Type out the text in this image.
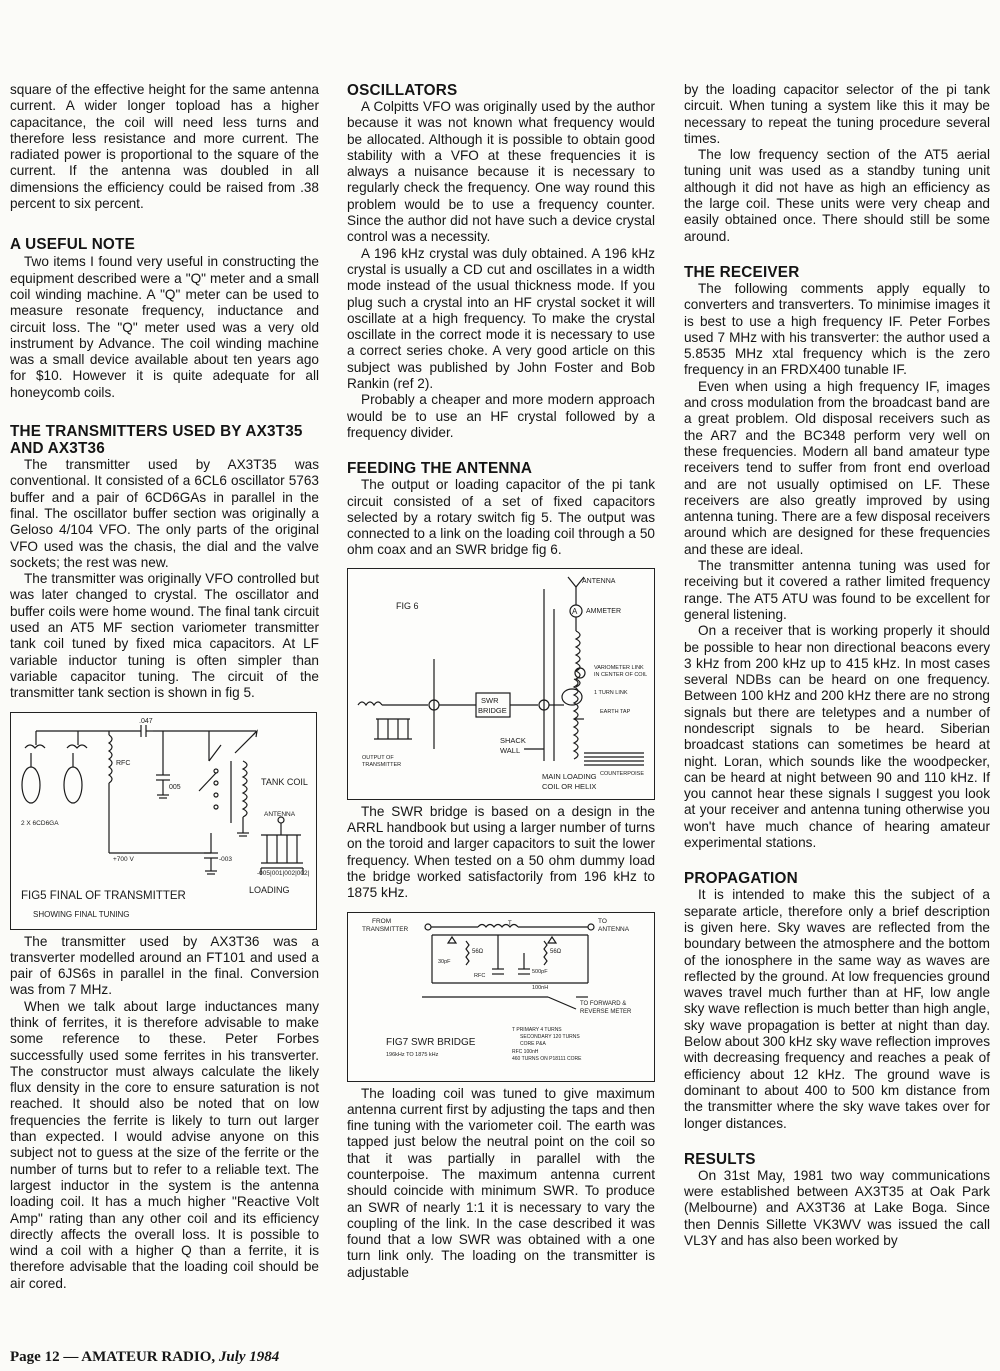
square of the effective height for the same antenna current. A wider longer topload has a higher capacitance, the coil will need less turns and therefore less resistance and more current. The radiated power is proportional to the square of the current. If the antenna was doubled in all dimensions the efficiency could be raised from .38 percent to six percent.

A USEFUL NOTE

Two items I found very useful in constructing the equipment described were a "Q" meter and a small coil winding machine. A "Q" meter can be used to measure resonate frequency, inductance and circuit loss. The "Q" meter used was a very old instrument by Advance. The coil winding machine was a small device available about ten years ago for $10. However it is quite adequate for all honeycomb coils.

THE TRANSMITTERS USED BY AX3T35 AND AX3T36

The transmitter used by AX3T35 was conventional. It consisted of a 6CL6 oscillator 5763 buffer and a pair of 6CD6GAs in parallel in the final. The oscillator buffer section was originally a Geloso 4/104 VFO. The only parts of the original VFO used was the chasis, the dial and the valve sockets; the rest was new.

The transmitter was originally VFO controlled but was later changed to crystal. The oscillator and buffer coils were home wound. The final tank circuit used an AT5 MF section variometer transmitter tank coil tuned by fixed mica capacitors. At LF variable inductor tuning is often simpler than variable capacitor tuning. The circuit of the transmitter tank section is shown in fig 5.

.047
RFC
005
TANK COIL
ANTENNA
2 X 6CD6GA
+700 V	-003
-005|001|002|002|
LOADING
FIG5 FINAL OF TRANSMITTER
SHOWING FINAL TUNING

The transmitter used by AX3T36 was a transverter modelled around an FT101 and used a pair of 6JS6s in parallel in the final. Conversion was from 7 MHz.

When we talk about large inductances many think of ferrites, it is therefore advisable to make some reference to these. Peter Forbes successfully used some ferrites in his transverter. The constructor must always calculate the likely flux density in the core to ensure saturation is not reached. It should also be noted that on low frequencies the ferrite is likely to turn out larger than expected. I would advise anyone on this subject not to guess at the size of the ferrite or the number of turns but to refer to a reliable text. The largest inductor in the system is the antenna loading coil. It has a much higher "Reactive Volt Amp" rating than any other coil and its efficiency directly affects the overall loss. It is possible to wind a coil with a higher Q than a ferrite, it is therefore advisable that the loading coil should be air cored.

OSCILLATORS

A Colpitts VFO was originally used by the author because it was not known what frequency would be allocated. Although it is possible to obtain good stability with a VFO at these frequencies it is always a nuisance because it is necessary to regularly check the frequency. One way round this problem would be to use a frequency counter. Since the author did not have such a device crystal control was a necessity.

A 196 kHz crystal was duly obtained. A 196 kHz crystal is usually a CD cut and oscillates in a width mode instead of the usual thickness mode. If you plug such a crystal into an HF crystal socket it will oscillate at a high frequency. To make the crystal oscillate in the correct mode it is necessary to use a correct series choke. A very good article on this subject was published by John Foster and Bob Rankin (ref 2).

Probably a cheaper and more modern approach would be to use an HF crystal followed by a frequency divider.

FEEDING THE ANTENNA

The output or loading capacitor of the pi tank circuit consisted of a set of fixed capacitors selected by a rotary switch fig 5. The output was connected to a link on the loading coil through a 50 ohm coax and an SWR bridge fig 6.

ANTENNA
A AMMETER
VARIOMETER LINK
IN CENTER OF COIL
1 TURN LINK
EARTH TAP
FIG 6
SWR
BRIDGE
SHACK
WALL
OUTPUT OF
TRANSMITTER
COUNTERPOISE
MAIN LOADING
COIL OR HELIX

The SWR bridge is based on a design in the ARRL handbook but using a larger number of turns on the toroid and larger capacitors to suit the lower frequency. When tested on a 50 ohm dummy load the bridge worked satisfactorily from 196 kHz to 1875 kHz.

FROM
TRANSMITTER
TO
ANTENNA
T
56Ω	56Ω
30pF
500pF
RFC
100nH
TO FORWARD &
REVERSE METER
T PRIMARY 4 TURNS
SECONDARY 120 TURNS
CORE P&A
RFC 100nH
460 TURNS ON P18111 CORE
FIG7 SWR BRIDGE
196kHz TO 1875 kHz

The loading coil was tuned to give maximum antenna current first by adjusting the taps and then fine tuning with the variometer coil. The earth was tapped just below the neutral point on the coil so that it was partially in parallel with the counterpoise. The maximum antenna current should coincide with minimum SWR. To produce an SWR of nearly 1:1 it is necessary to vary the coupling of the link. In the case described it was found that a low SWR was obtained with a one turn link only. The loading on the transmitter is adjustable

by the loading capacitor selector of the pi tank circuit. When tuning a system like this it may be necessary to repeat the tuning procedure several times.

The low frequency section of the AT5 aerial tuning unit was used as a standby tuning unit although it did not have as high an efficiency as the large coil. These units were very cheap and easily obtained once. There should still be some around.

THE RECEIVER

The following comments apply equally to converters and transverters. To minimise images it is best to use a high frequency IF. Peter Forbes used 7 MHz with his transverter: the author used a 5.8535 MHz xtal frequency which is the zero frequency in an FRDX400 tunable IF.

Even when using a high frequency IF, images and cross modulation from the broadcast band are a great problem. Old disposal receivers such as the AR7 and the BC348 perform very well on these frequencies. Modern all band amateur type receivers tend to suffer from front end overload and are not usually optimised on LF. These receivers are also greatly improved by using antenna tuning. There are a few disposal receivers around which are designed for these frequencies and these are ideal.

The transmitter antenna tuning was used for receiving but it covered a rather limited frequency range. The AT5 ATU was found to be excellent for general listening.

On a receiver that is working properly it should be possible to hear non directional beacons every 3 kHz from 200 kHz up to 415 kHz. In most cases several NDBs can be heard on one frequency. Between 100 kHz and 200 kHz there are no strong signals but there are teletypes and a number of nondescript signals to be heard. Siberian broadcast stations can sometimes be heard at night. Loran, which sounds like the woodpecker, can be heard at night between 90 and 110 kHz. If you cannot hear these signals I suggest you look at your receiver and antenna tuning otherwise you won't have much chance of hearing amateur experimental stations.

PROPAGATION

It is intended to make this the subject of a separate article, therefore only a brief description is given here. Sky waves are reflected from the boundary between the atmosphere and the bottom of the ionosphere in the same way as waves are reflected by the ground. At low frequencies ground waves travel much further than at HF, low angle sky wave reflection is much better than high angle, sky wave propagation is better at night than day. Below about 300 kHz sky wave reflection improves with decreasing frequency and reaches a peak of efficiency about 12 kHz. The ground wave is dominant to about 400 to 500 km distance from the transmitter where the sky wave takes over for longer distances.

RESULTS

On 31st May, 1981 two way communications were established between AX3T35 at Oak Park (Melbourne) and AX3T36 at Lake Boga. Since then Dennis Sillette VK3WV was issued the call VL3Y and has also been worked by

Page 12 — AMATEUR RADIO, July 1984
